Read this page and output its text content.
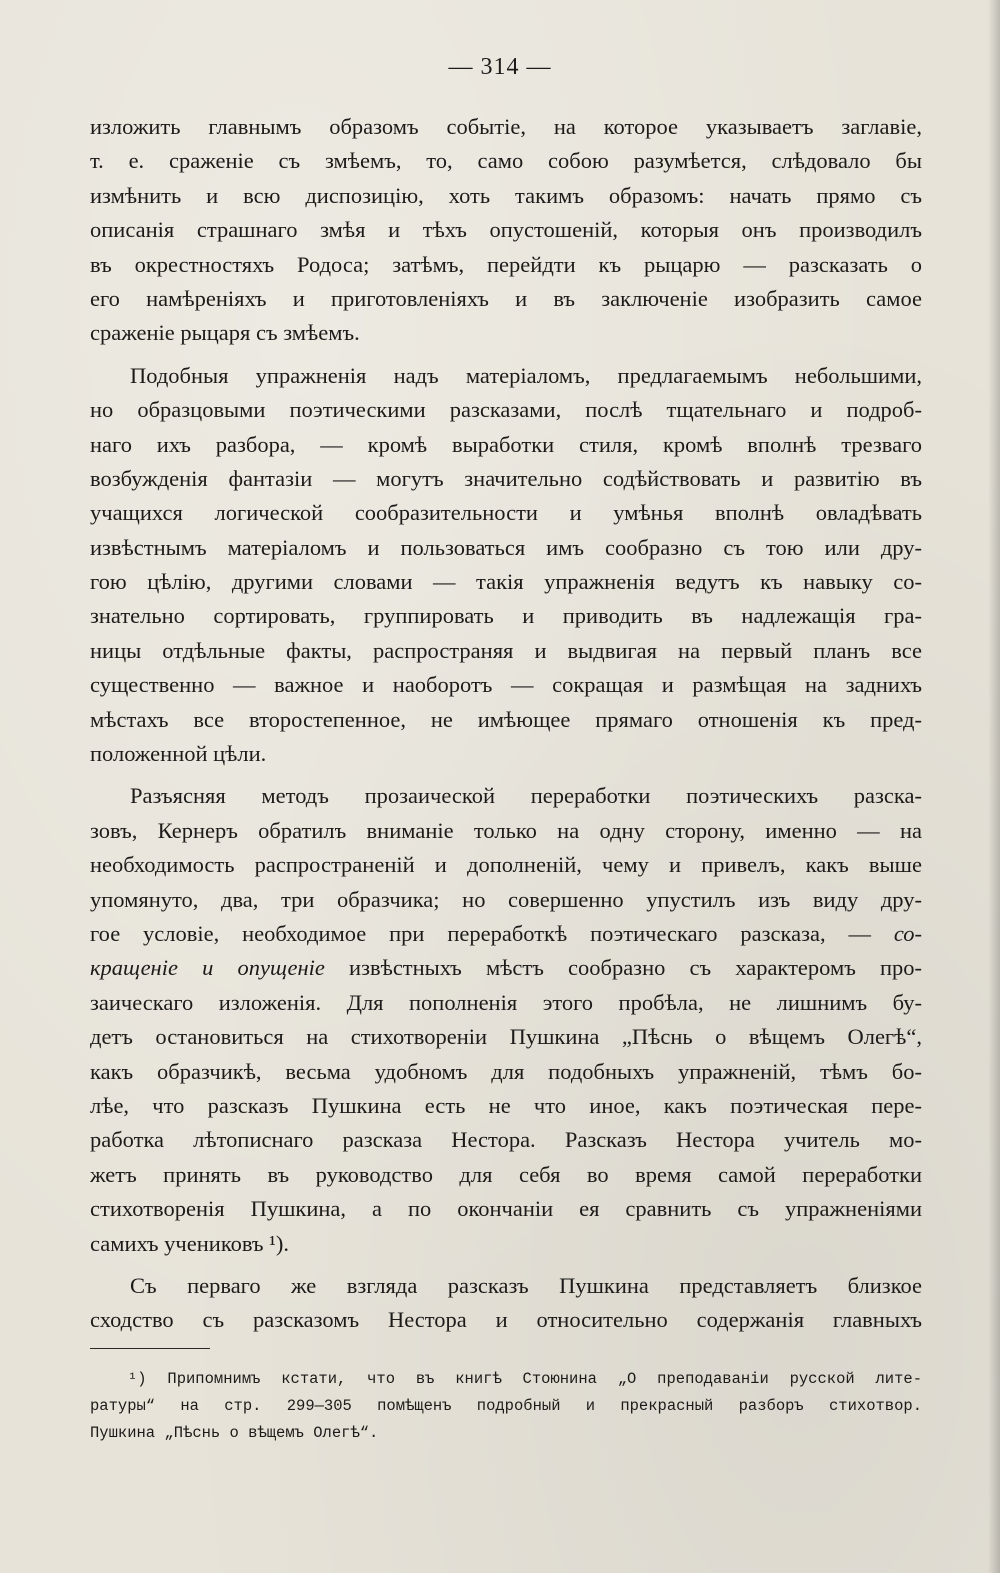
— 314 —
изложить главнымъ образомъ событіе, на которое указываетъ заглавіе,
т. е. сраженіе съ змѣемъ, то, само собою разумѣется, слѣдовало бы
измѣнить и всю диспозицію, хоть такимъ образомъ: начать прямо съ
описанія страшнаго змѣя и тѣхъ опустошеній, которыя онъ производилъ
въ окрестностяхъ Родоса; затѣмъ, перейдти къ рыцарю — разсказать о
его намѣреніяхъ и приготовленіяхъ и въ заключеніе изобразить самое
сраженіе рыцаря съ змѣемъ.
Подобныя упражненія надъ матеріаломъ, предлагаемымъ небольшими,
но образцовыми поэтическими разсказами, послѣ тщательнаго и подроб-
наго ихъ разбора, — кромѣ выработки стиля, кромѣ вполнѣ трезваго
возбужденія фантазіи — могутъ значительно содѣйствовать и развитію въ
учащихся логической сообразительности и умѣнья вполнѣ овладѣвать
извѣстнымъ матеріаломъ и пользоваться имъ сообразно съ тою или дру-
гою цѣлію, другими словами — такія упражненія ведутъ къ навыку со-
знательно сортировать, группировать и приводить въ надлежащія гра-
ницы отдѣльные факты, распространяя и выдвигая на первый планъ все
существенно — важное и наоборотъ — сокращая и размѣщая на заднихъ
мѣстахъ все второстепенное, не имѣющее прямаго отношенія къ пред-
положенной цѣли.
Разъясняя методъ прозаической переработки поэтическихъ разска-
зовъ, Кернеръ обратилъ вниманіе только на одну сторону, именно — на
необходимость распространеній и дополненій, чему и привелъ, какъ выше
упомянуто, два, три образчика; но совершенно упустилъ изъ виду дру-
гое условіе, необходимое при переработкѣ поэтическаго разсказа, — со-
кращеніе и опущеніе извѣстныхъ мѣстъ сообразно съ характеромъ про-
заическаго изложенія. Для пополненія этого пробѣла, не лишнимъ бу-
детъ остановиться на стихотвореніи Пушкина „Пѣснь о вѣщемъ Олегѣ“,
какъ образчикѣ, весьма удобномъ для подобныхъ упражненій, тѣмъ бо-
лѣе, что разсказъ Пушкина есть не что иное, какъ поэтическая пере-
работка лѣтописнаго разсказа Нестора. Разсказъ Нестора учитель мо-
жетъ принять въ руководство для себя во время самой переработки
стихотворенія Пушкина, а по окончаніи ея сравнить съ упражненіями
самихъ учениковъ ¹).
Съ перваго же взгляда разсказъ Пушкина представляетъ близкое
сходство съ разсказомъ Нестора и относительно содержанія главныхъ
¹) Припомнимъ кстати, что въ книгѣ Стоюнина „О преподаваніи русской лите-
ратуры“ на стр. 299—305 помѣщенъ подробный и прекрасный разборъ стихотвор.
Пушкина „Пѣснь о вѣщемъ Олегѣ“.
